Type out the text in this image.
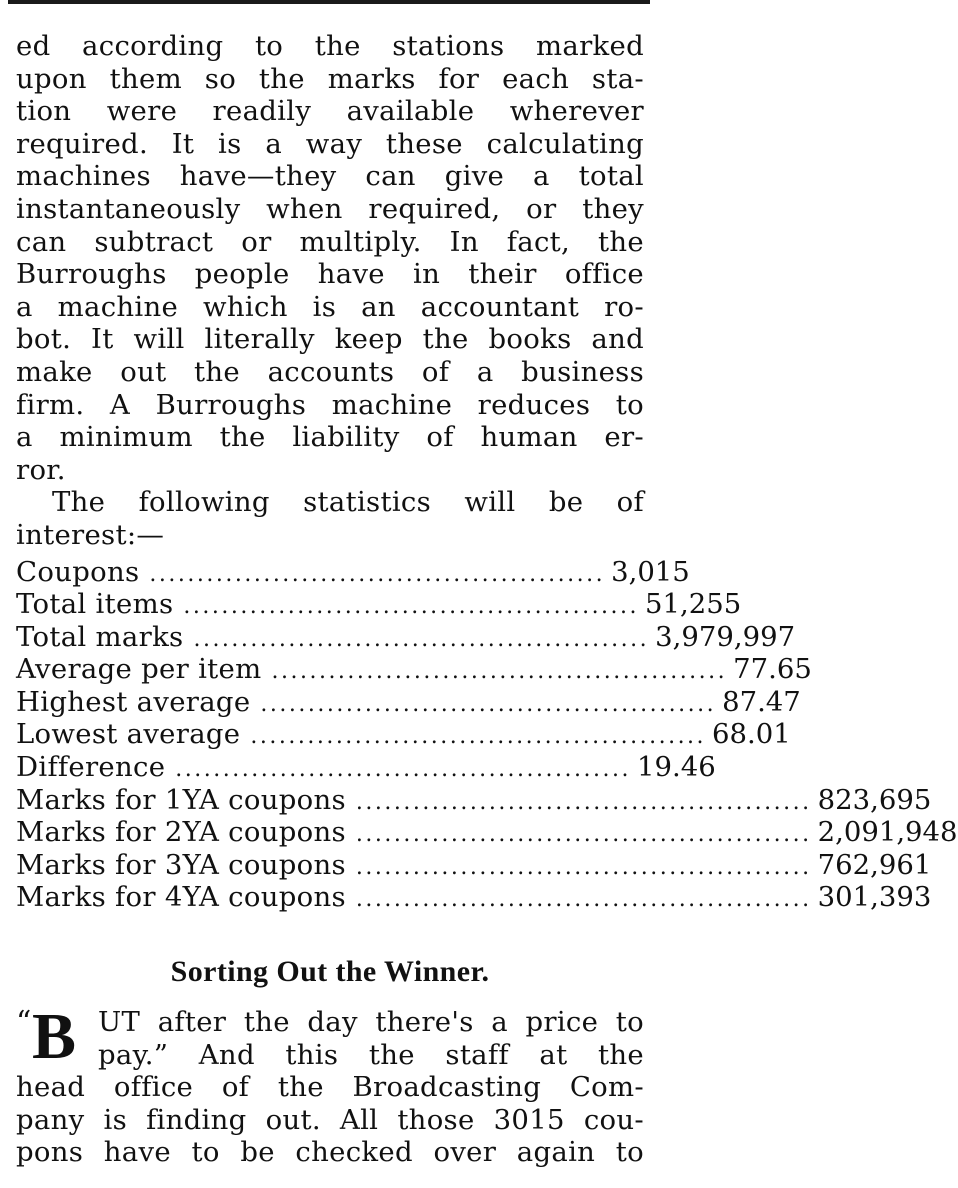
ed according to the stations marked
upon them so the marks for each sta-
tion were readily available wherever
required. It is a way these calculating
machines have—they can give a total
instantaneously when required, or they
can subtract or multiply. In fact, the
Burroughs people have in their office
a machine which is an accountant ro-
bot. It will literally keep the books and
make out the accounts of a business
firm. A Burroughs machine reduces to
a minimum the liability of human er-
ror.
The following statistics will be of
interest:—
Coupons ................................................ 3,015
Total items ................................................ 51,255
Total marks ................................................ 3,979,997
Average per item ................................................ 77.65
Highest average ................................................ 87.47
Lowest average ................................................ 68.01
Difference ................................................ 19.46
Marks for 1YA coupons ................................................ 823,695
Marks for 2YA coupons ................................................ 2,091,948
Marks for 3YA coupons ................................................ 762,961
Marks for 4YA coupons ................................................ 301,393
Sorting Out the Winner.
“ B UT after the day there's a price to
pay.” And this the staff at the
head office of the Broadcasting Com-
pany is finding out. All those 3015 cou-
pons have to be checked over again to
